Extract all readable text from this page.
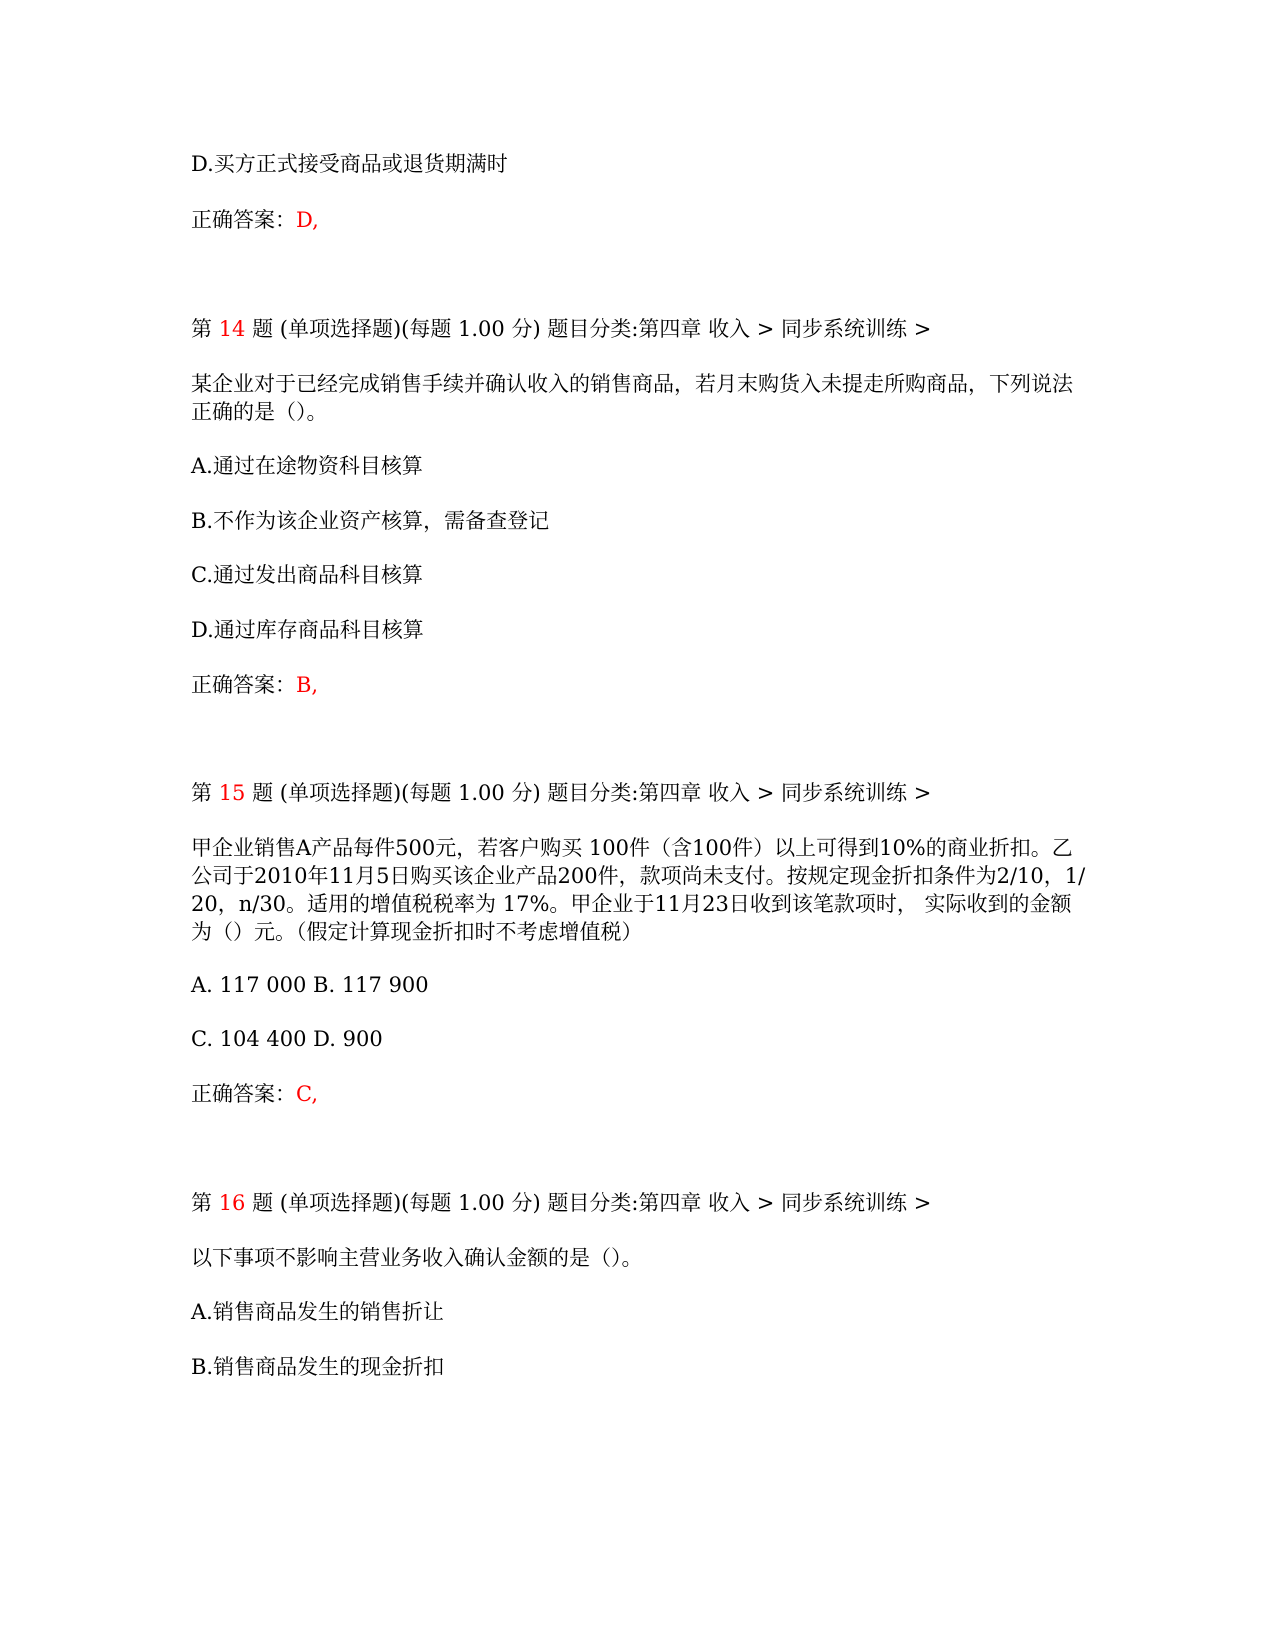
D.买方正式接受商品或退货期满时
正确答案：D,
第 14 题 (单项选择题)(每题 1.00 分) 题目分类:第四章 收入 > 同步系统训练 >
某企业对于已经完成销售手续并确认收入的销售商品，若月末购货入未提走所购商品，下列说法正确的是（）。
A.通过在途物资科目核算
B.不作为该企业资产核算，需备查登记
C.通过发出商品科目核算
D.通过库存商品科目核算
正确答案：B,
第 15 题 (单项选择题)(每题 1.00 分) 题目分类:第四章 收入 > 同步系统训练 >
甲企业销售A产品每件500元，若客户购买 100件（含100件）以上可得到10%的商业折扣。乙公司于2010年11月5日购买该企业产品200件，款项尚未支付。按规定现金折扣条件为2/10，1/20，n/30。适用的增值税税率为 17%。甲企业于11月23日收到该笔款项时， 实际收到的金额为（）元。（假定计算现金折扣时不考虑增值税）
A. 117 000 B. 117 900
C. 104 400 D. 900
正确答案：C,
第 16 题 (单项选择题)(每题 1.00 分) 题目分类:第四章 收入 > 同步系统训练 >
以下事项不影响主营业务收入确认金额的是（）。
A.销售商品发生的销售折让
B.销售商品发生的现金折扣
